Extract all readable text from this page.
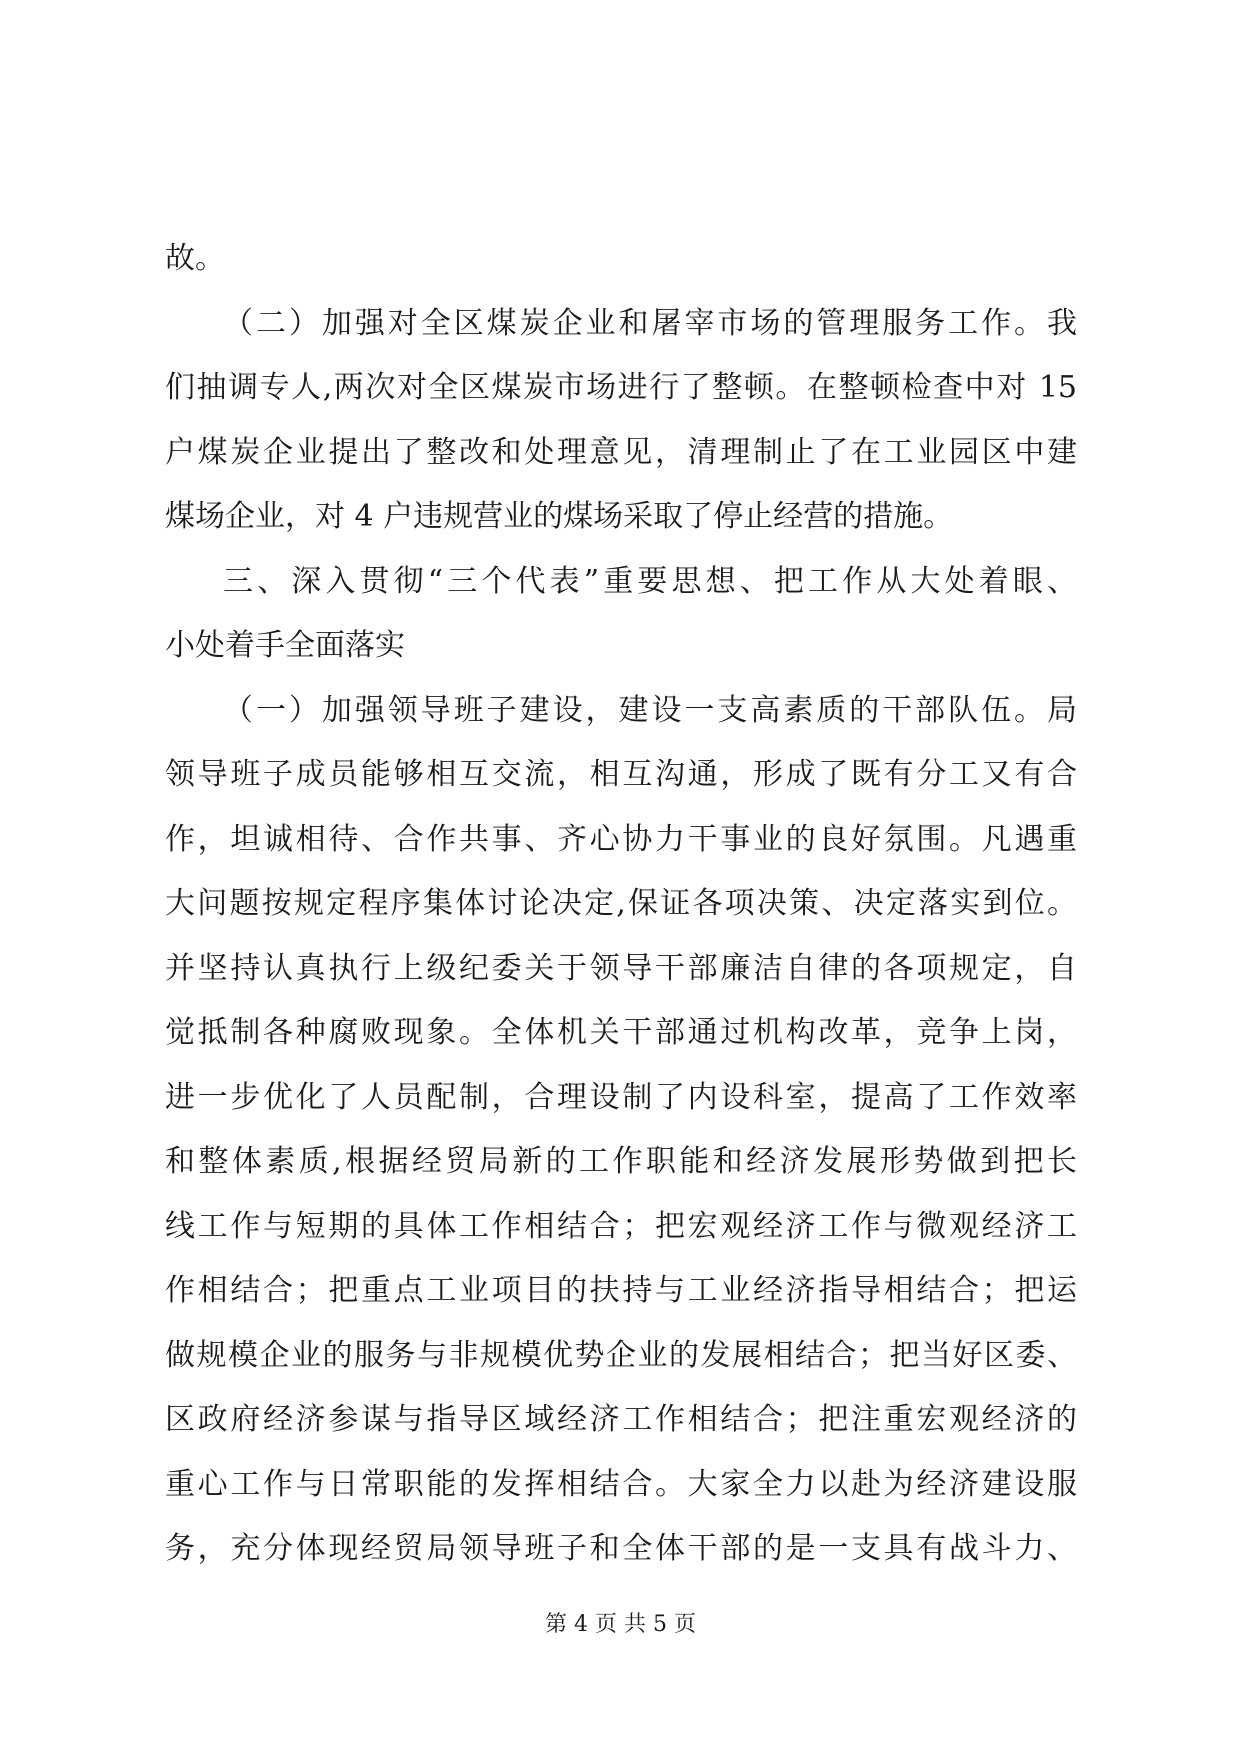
故。
（二）加强对全区煤炭企业和屠宰市场的管理服务工作。我
们抽调专人,两次对全区煤炭市场进行了整顿。在整顿检查中对 15
户煤炭企业提出了整改和处理意见，清理制止了在工业园区中建
煤场企业，对 4 户违规营业的煤场采取了停止经营的措施。
三、深入贯彻“三个代表”重要思想、把工作从大处着眼、
小处着手全面落实
（一）加强领导班子建设，建设一支高素质的干部队伍。局
领导班子成员能够相互交流，相互沟通，形成了既有分工又有合
作，坦诚相待、合作共事、齐心协力干事业的良好氛围。凡遇重
大问题按规定程序集体讨论决定,保证各项决策、决定落实到位。
并坚持认真执行上级纪委关于领导干部廉洁自律的各项规定，自
觉抵制各种腐败现象。全体机关干部通过机构改革，竞争上岗，
进一步优化了人员配制，合理设制了内设科室，提高了工作效率
和整体素质,根据经贸局新的工作职能和经济发展形势做到把长
线工作与短期的具体工作相结合；把宏观经济工作与微观经济工
作相结合；把重点工业项目的扶持与工业经济指导相结合；把运
做规模企业的服务与非规模优势企业的发展相结合；把当好区委、
区政府经济参谋与指导区域经济工作相结合；把注重宏观经济的
重心工作与日常职能的发挥相结合。大家全力以赴为经济建设服
务，充分体现经贸局领导班子和全体干部的是一支具有战斗力、
第 4 页 共 5 页
